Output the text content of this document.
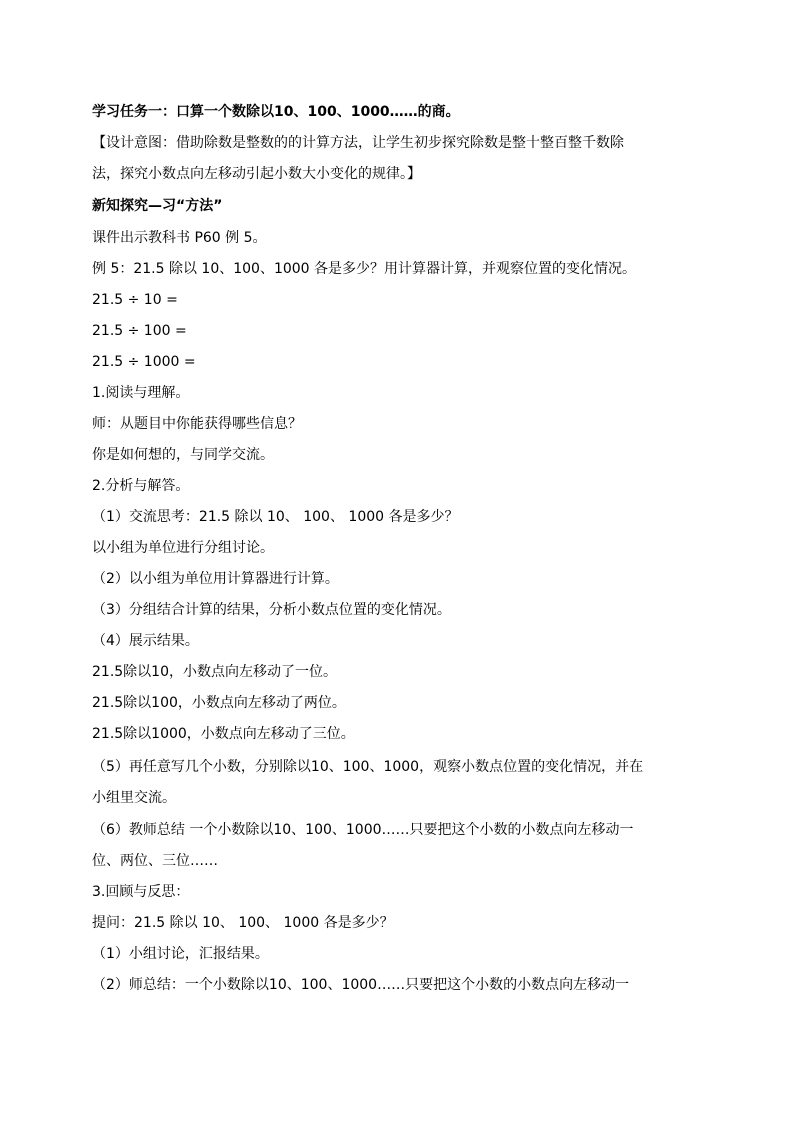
学习任务一：口算一个数除以10、100、1000……的商。
【设计意图：借助除数是整数的的计算方法，让学生初步探究除数是整十整百整千数除
法，探究小数点向左移动引起小数大小变化的规律。】
新知探究—习“方法”
课件出示教科书 P60 例 5。
例 5：21.5 除以 10、100、1000 各是多少？用计算器计算，并观察位置的变化情况。
21.5 ÷ 10 =
21.5 ÷ 100 =
21.5 ÷ 1000 =
1.阅读与理解。
师：从题目中你能获得哪些信息？
你是如何想的，与同学交流。
2.分析与解答。
（1）交流思考：21.5 除以 10、 100、 1000 各是多少？
以小组为单位进行分组讨论。
（2）以小组为单位用计算器进行计算。
（3）分组结合计算的结果，分析小数点位置的变化情况。
（4）展示结果。
21.5除以10，小数点向左移动了一位。
21.5除以100，小数点向左移动了两位。
21.5除以1000，小数点向左移动了三位。
（5）再任意写几个小数，分别除以10、100、1000，观察小数点位置的变化情况，并在
小组里交流。
（6）教师总结 一个小数除以10、100、1000……只要把这个小数的小数点向左移动一
位、两位、三位……
3.回顾与反思：
提问：21.5 除以 10、 100、 1000 各是多少？
（1）小组讨论，汇报结果。
（2）师总结：一个小数除以10、100、1000……只要把这个小数的小数点向左移动一
